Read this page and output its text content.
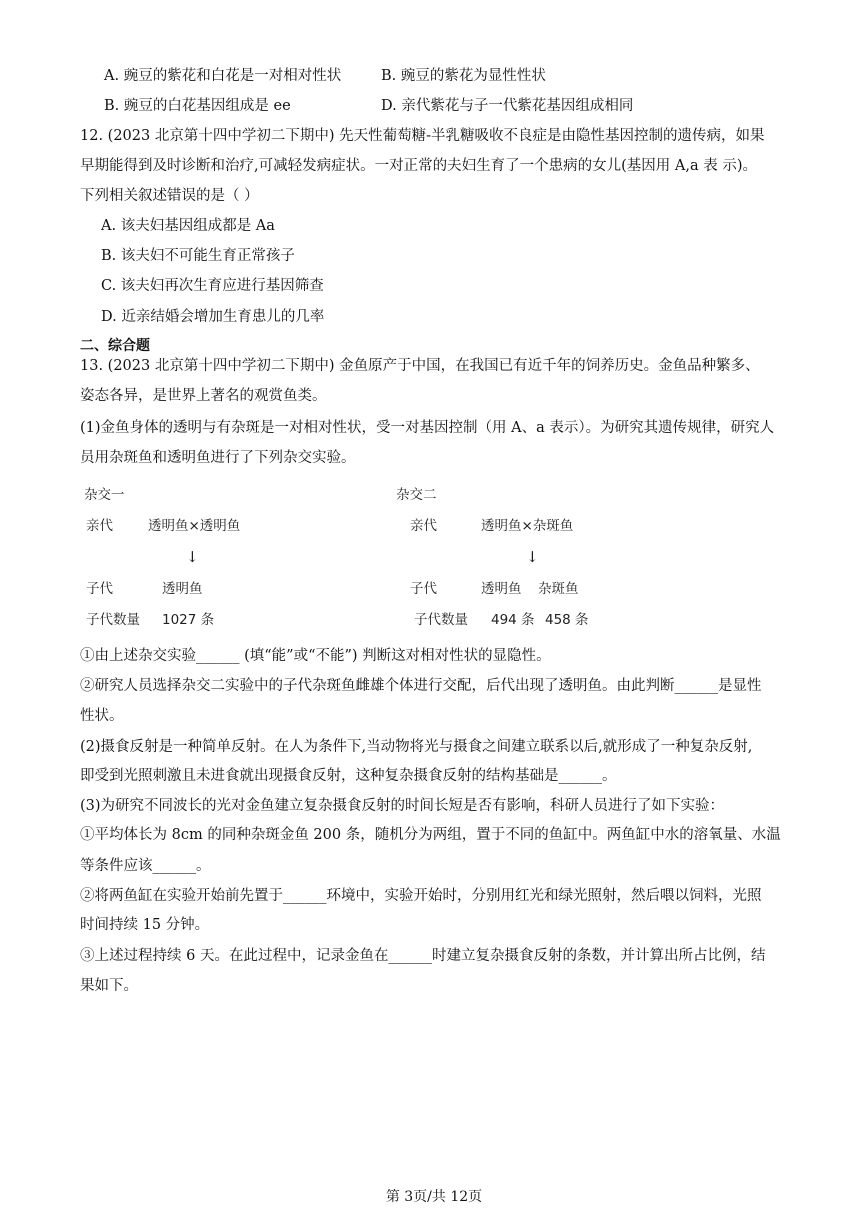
A. 豌豆的紫花和白花是一对相对性状	B. 豌豆的紫花为显性性状
B. 豌豆的白花基因组成是 ee	D. 亲代紫花与子一代紫花基因组成相同
12. (2023 北京第十四中学初二下期中) 先天性葡萄糖-半乳糖吸收不良症是由隐性基因控制的遗传病，如果
早期能得到及时诊断和治疗,可减轻发病症状。一对正常的夫妇生育了一个患病的女儿(基因用 A,a 表 示)。
下列相关叙述错误的是（ ）
A. 该夫妇基因组成都是 Aa
B. 该夫妇不可能生育正常孩子
C. 该夫妇再次生育应进行基因筛查
D. 近亲结婚会增加生育患儿的几率
二、综合题
13. (2023 北京第十四中学初二下期中) 金鱼原产于中国，在我国已有近千年的饲养历史。金鱼品种繁多、
姿态各异，是世界上著名的观赏鱼类。
(1)金鱼身体的透明与有杂斑是一对相对性状，受一对基因控制（用 A、a 表示）。为研究其遗传规律，研究人
员用杂斑鱼和透明鱼进行了下列杂交实验。
杂交一
亲代	透明鱼×透明鱼
↓
子代	透明鱼
子代数量 1027 条
杂交二
亲代	透明鱼×杂斑鱼
↓
子代	透明鱼 杂斑鱼
子代数量 494 条 458 条
①由上述杂交实验______ (填“能”或“不能”) 判断这对相对性状的显隐性。
②研究人员选择杂交二实验中的子代杂斑鱼雌雄个体进行交配，后代出现了透明鱼。由此判断______是显性
性状。
(2)摄食反射是一种简单反射。在人为条件下,当动物将光与摄食之间建立联系以后,就形成了一种复杂反射,
即受到光照刺激且未进食就出现摄食反射，这种复杂摄食反射的结构基础是______。
(3)为研究不同波长的光对金鱼建立复杂摄食反射的时间长短是否有影响，科研人员进行了如下实验：
①平均体长为 8cm 的同种杂斑金鱼 200 条，随机分为两组，置于不同的鱼缸中。两鱼缸中水的溶氧量、水温
等条件应该______。
②将两鱼缸在实验开始前先置于______环境中，实验开始时，分别用红光和绿光照射，然后喂以饲料，光照
时间持续 15 分钟。
③上述过程持续 6 天。在此过程中，记录金鱼在______时建立复杂摄食反射的条数，并计算出所占比例，结
果如下。
第 3页/共 12页
